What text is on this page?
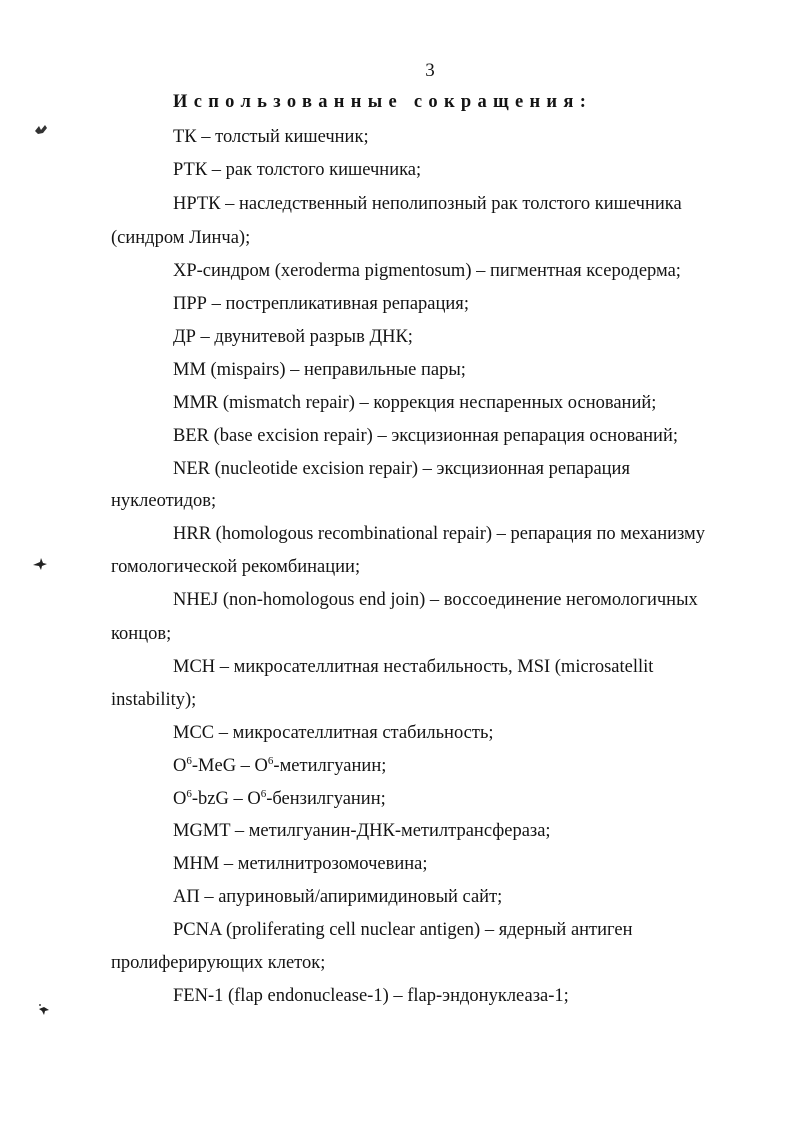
3
Использованные сокращения:
ТК – толстый кишечник;
РТК – рак толстого кишечника;
НРТК – наследственный неполипозный рак толстого кишечника
(синдром Линча);
XP-синдром (xeroderma pigmentosum) – пигментная ксеродерма;
ПРР – пострепликативная репарация;
ДР – двунитевой разрыв ДНК;
MM (mispairs) – неправильные пары;
MMR (mismatch repair) – коррекция неспаренных оснований;
BER (base excision repair) – эксцизионная репарация оснований;
NER (nucleotide excision repair) – эксцизионная репарация
нуклеотидов;
HRR (homologous recombinational repair) – репарация по механизму
гомологической рекомбинации;
NHEJ (non-homologous end join) – воссоединение негомологичных
концов;
МСН – микросателлитная нестабильность, MSI (microsatellit
instability);
МСС – микросателлитная стабильность;
$O^6$-MeG – $O^6$-метилгуанин;
$O^6$-bzG – $O^6$-бензилгуанин;
MGMT – метилгуанин-ДНК-метилтрансфераза;
МНМ – метилнитрозомочевина;
АП – апуриновый/апиримидиновый сайт;
PCNA (proliferating cell nuclear antigen) – ядерный антиген
пролиферирующих клеток;
FEN-1 (flap endonuclease-1) – flap-эндонуклеаза-1;
